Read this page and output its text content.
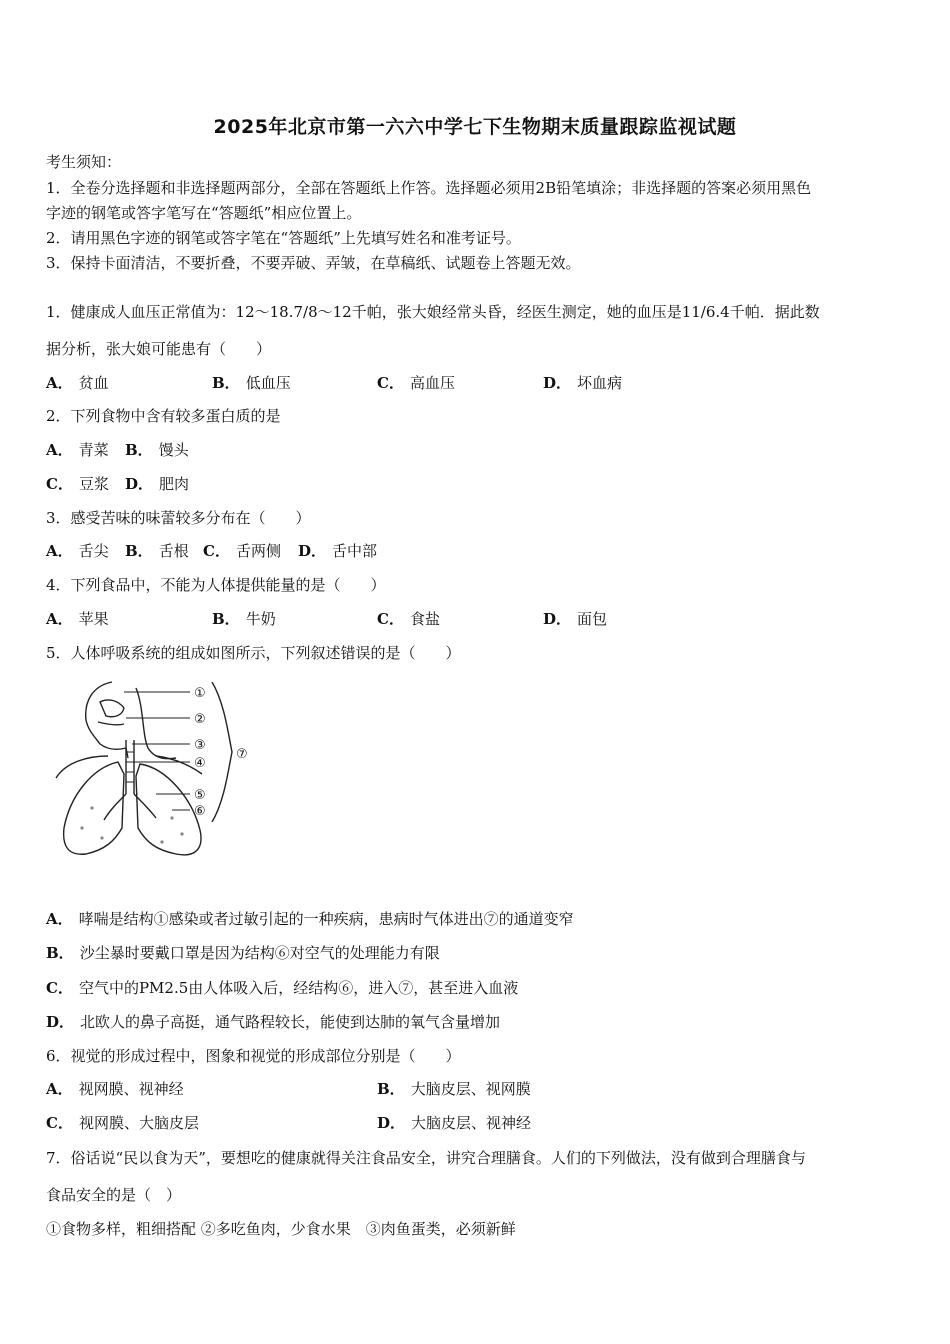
2025年北京市第一六六中学七下生物期末质量跟踪监视试题
考生须知：
1．全卷分选择题和非选择题两部分，全部在答题纸上作答。选择题必须用2B铅笔填涂；非选择题的答案必须用黑色
字迹的钢笔或答字笔写在“答题纸”相应位置上。
2．请用黑色字迹的钢笔或答字笔在“答题纸”上先填写姓名和准考证号。
3．保持卡面清洁，不要折叠，不要弄破、弄皱，在草稿纸、试题卷上答题无效。
1．健康成人血压正常值为：12～18.7/8～12千帕，张大娘经常头昏，经医生测定，她的血压是11/6.4千帕．据此数
据分析，张大娘可能患有（　　）
A． 贫血	B． 低血压	C． 高血压	D． 坏血病
2．下列食物中含有较多蛋白质的是
A． 青菜 B． 馒头
C． 豆浆 D． 肥肉
3．感受苦味的味蕾较多分布在（　　）
A． 舌尖 B． 舌根 C． 舌两侧 D． 舌中部
4．下列食品中，不能为人体提供能量的是（　　）
A． 苹果	B． 牛奶	C． 食盐	D． 面包
5．人体呼吸系统的组成如图所示，下列叙述错误的是（　　）
①
②
③
④
⑤
⑥
⑦
A． 哮喘是结构①感染或者过敏引起的一种疾病，患病时气体进出⑦的通道变窄
B． 沙尘暴时要戴口罩是因为结构⑥对空气的处理能力有限
C． 空气中的PM2.5由人体吸入后，经结构⑥，进入⑦，甚至进入血液
D． 北欧人的鼻子高挺，通气路程较长，能使到达肺的氧气含量增加
6．视觉的形成过程中，图象和视觉的形成部位分别是（　　）
A． 视网膜、视神经	B． 大脑皮层、视网膜
C． 视网膜、大脑皮层	D． 大脑皮层、视神经
7．俗话说“民以食为天”，要想吃的健康就得关注食品安全，讲究合理膳食。人们的下列做法，没有做到合理膳食与
食品安全的是（　）
①食物多样，粗细搭配 ②多吃鱼肉，少食水果　③肉鱼蛋类，必须新鲜
